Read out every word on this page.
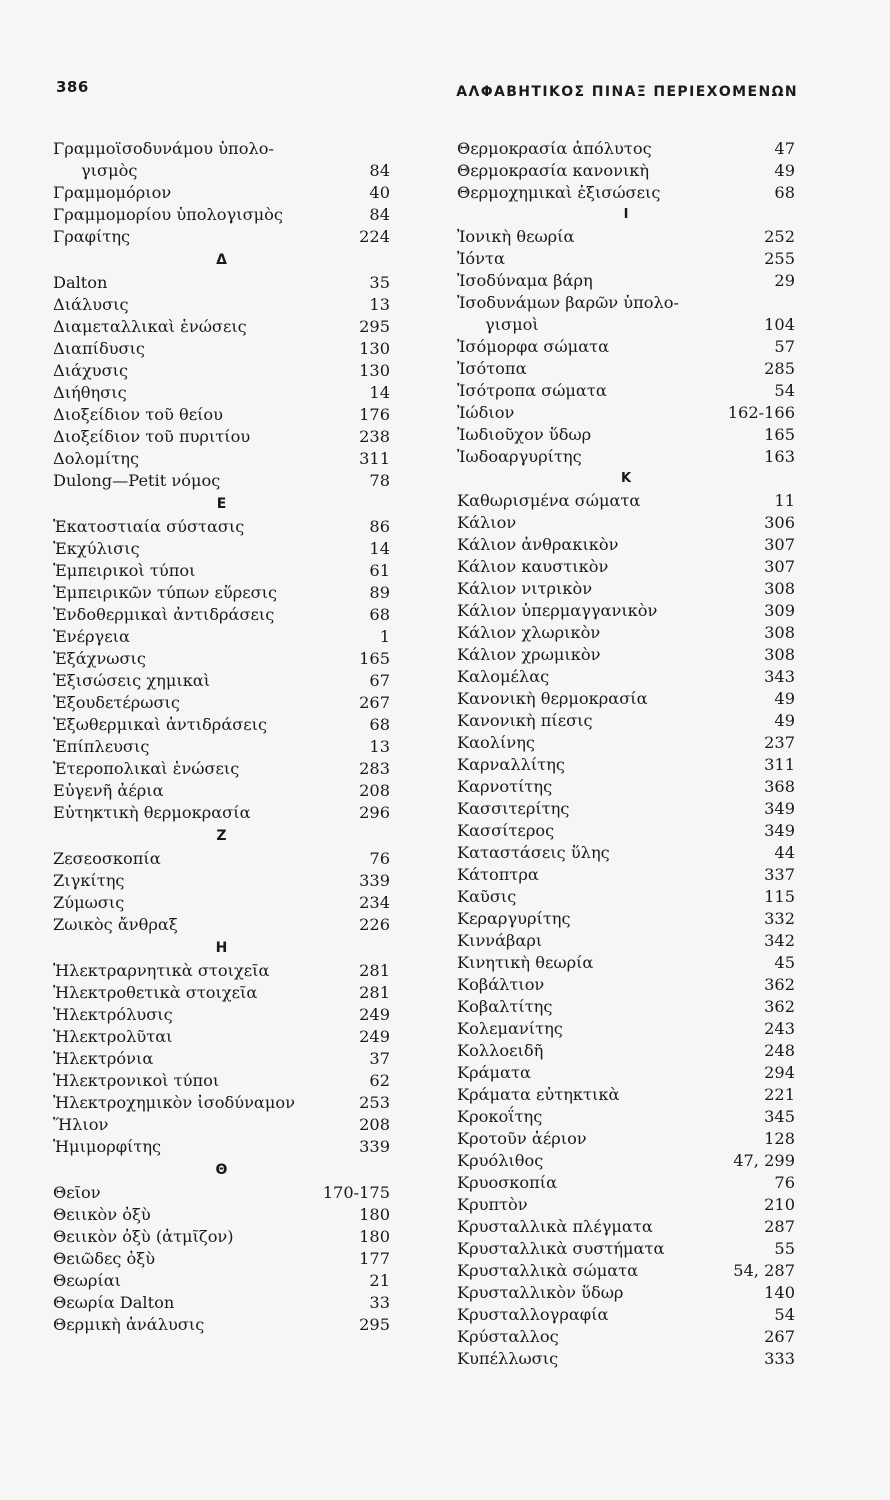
386	ΑΛΦΑΒΗΤΙΚΟΣ ΠΙΝΑΞ ΠΕΡΙΕΧΟΜΕΝΩΝ
Γραμμοϊσοδυνάμου ὑπολο-
γισμὸς	84
Γραμμομόριον	40
Γραμμομορίου ὑπολογισμὸς	84
Γραφίτης	224
Δ
Dalton	35
Διάλυσις	13
Διαμεταλλικαὶ ἑνώσεις	295
Διαπίδυσις	130
Διάχυσις	130
Διήθησις	14
Διοξείδιον τοῦ θείου	176
Διοξείδιον τοῦ πυριτίου	238
Δολομίτης	311
Dulong—Petit νόμος	78
Ε
Ἑκατοστιαία σύστασις	86
Ἐκχύλισις	14
Ἐμπειρικοὶ τύποι	61
Ἐμπειρικῶν τύπων εὕρεσις	89
Ἐνδοθερμικαὶ ἀντιδράσεις	68
Ἐνέργεια	1
Ἐξάχνωσις	165
Ἐξισώσεις χημικαὶ	67
Ἐξουδετέρωσις	267
Ἐξωθερμικαὶ ἀντιδράσεις	68
Ἐπίπλευσις	13
Ἑτεροπολικαὶ ἑνώσεις	283
Εὐγενῆ ἀέρια	208
Εὐτηκτικὴ θερμοκρασία	296
Ζ
Ζεσεοσκοπία	76
Ζιγκίτης	339
Ζύμωσις	234
Ζωικὸς ἄνθραξ	226
Η
Ἠλεκτραρνητικὰ στοιχεῖα	281
Ἠλεκτροθετικὰ στοιχεῖα	281
Ἠλεκτρόλυσις	249
Ἠλεκτρολῦται	249
Ἠλεκτρόνια	37
Ἠλεκτρονικοὶ τύποι	62
Ἠλεκτροχημικὸν ἰσοδύναμον	253
Ἥλιον	208
Ἡμιμορφίτης	339
Θ
Θεῖον	170-175
Θειικὸν ὀξὺ	180
Θειικὸν ὀξὺ (ἀτμῖζον)	180
Θειῶδες ὀξὺ	177
Θεωρίαι	21
Θεωρία Dalton	33
Θερμικὴ ἀνάλυσις	295
Θερμοκρασία ἀπόλυτος	47
Θερμοκρασία κανονικὴ	49
Θερμοχημικαὶ ἐξισώσεις	68
Ι
Ἰονικὴ θεωρία	252
Ἰόντα	255
Ἰσοδύναμα βάρη	29
Ἰσοδυνάμων βαρῶν ὑπολο-
γισμοὶ	104
Ἰσόμορφα σώματα	57
Ἰσότοπα	285
Ἰσότροπα σώματα	54
Ἰώδιον	162-166
Ἰωδιοῦχον ὕδωρ	165
Ἰωδοαργυρίτης	163
Κ
Καθωρισμένα σώματα	11
Κάλιον	306
Κάλιον ἀνθρακικὸν	307
Κάλιον καυστικὸν	307
Κάλιον νιτρικὸν	308
Κάλιον ὑπερμαγγανικὸν	309
Κάλιον χλωρικὸν	308
Κάλιον χρωμικὸν	308
Καλομέλας	343
Κανονικὴ θερμοκρασία	49
Κανονικὴ πίεσις	49
Καολίνης	237
Καρναλλίτης	311
Καρνοτίτης	368
Κασσιτερίτης	349
Κασσίτερος	349
Καταστάσεις ὕλης	44
Κάτοπτρα	337
Καῦσις	115
Κεραργυρίτης	332
Κιννάβαρι	342
Κινητικὴ θεωρία	45
Κοβάλτιον	362
Κοβαλτίτης	362
Κολεμανίτης	243
Κολλοειδῆ	248
Κράματα	294
Κράματα εὐτηκτικὰ	221
Κροκοΐτης	345
Κροτοῦν ἀέριον	128
Κρυόλιθος	47, 299
Κρυοσκοπία	76
Κρυπτὸν	210
Κρυσταλλικὰ πλέγματα	287
Κρυσταλλικὰ συστήματα	55
Κρυσταλλικὰ σώματα	54, 287
Κρυσταλλικὸν ὕδωρ	140
Κρυσταλλογραφία	54
Κρύσταλλος	267
Κυπέλλωσις	333
